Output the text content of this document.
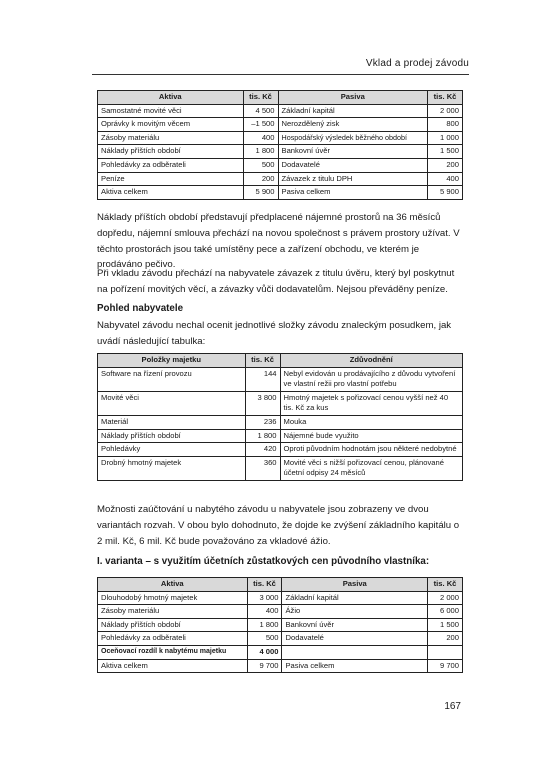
Vklad a prodej závodu
Aktiva	tis. Kč	Pasiva	tis. Kč
Samostatné movité věci	4 500	Základní kapitál	2 000
Oprávky k movitým věcem	–1 500	Nerozdělený zisk	800
Zásoby materiálu	400	Hospodářský výsledek běžného období	1 000
Náklady příštích období	1 800	Bankovní úvěr	1 500
Pohledávky za odběrateli	500	Dodavatelé	200
Peníze	200	Závazek z titulu DPH	400
Aktiva celkem	5 900	Pasiva celkem	5 900

Náklady příštích období představují předplacené nájemné prostorů na 36 měsíců dopředu, nájemní smlouva přechází na novou společnost s právem prostory užívat. V těchto prostorách jsou také umístěny pece a zařízení obchodu, ve kterém je prodáváno pečivo.

Při vkladu závodu přechází na nabyvatele závazek z titulu úvěru, který byl poskytnut na pořízení movitých věcí, a závazky vůči dodavatelům. Nejsou převáděny peníze.

Pohled nabyvatele

Nabyvatel závodu nechal ocenit jednotlivé složky závodu znaleckým posudkem, jak uvádí následující tabulka:

Položky majetku	tis. Kč	Zdůvodnění
Software na řízení provozu	144	Nebyl evidován u prodávajícího z důvodu vytvoření ve vlastní režii pro vlastní potřebu
Movité věci	3 800	Hmotný majetek s pořizovací cenou vyšší než 40 tis. Kč za kus
Materiál	236	Mouka
Náklady příštích období	1 800	Nájemné bude využito
Pohledávky	420	Oproti původním hodnotám jsou některé nedobytné
Drobný hmotný majetek	360	Movité věci s nižší pořizovací cenou, plánované účetní odpisy 24 měsíců

Možnosti zaúčtování u nabytého závodu u nabyvatele jsou zobrazeny ve dvou variantách rozvah. V obou bylo dohodnuto, že dojde ke zvýšení základního kapitálu o 2 mil. Kč, 6 mil. Kč bude považováno za vkladové ážio.

I. varianta – s využitím účetních zůstatkových cen původního vlastníka:

Aktiva	tis. Kč	Pasiva	tis. Kč
Dlouhodobý hmotný majetek	3 000	Základní kapitál	2 000
Zásoby materiálu	400	Ážio	6 000
Náklady příštích období	1 800	Bankovní úvěr	1 500
Pohledávky za odběrateli	500	Dodavatelé	200
Oceňovací rozdíl k nabytému majetku	4 000		
Aktiva celkem	9 700	Pasiva celkem	9 700
167
